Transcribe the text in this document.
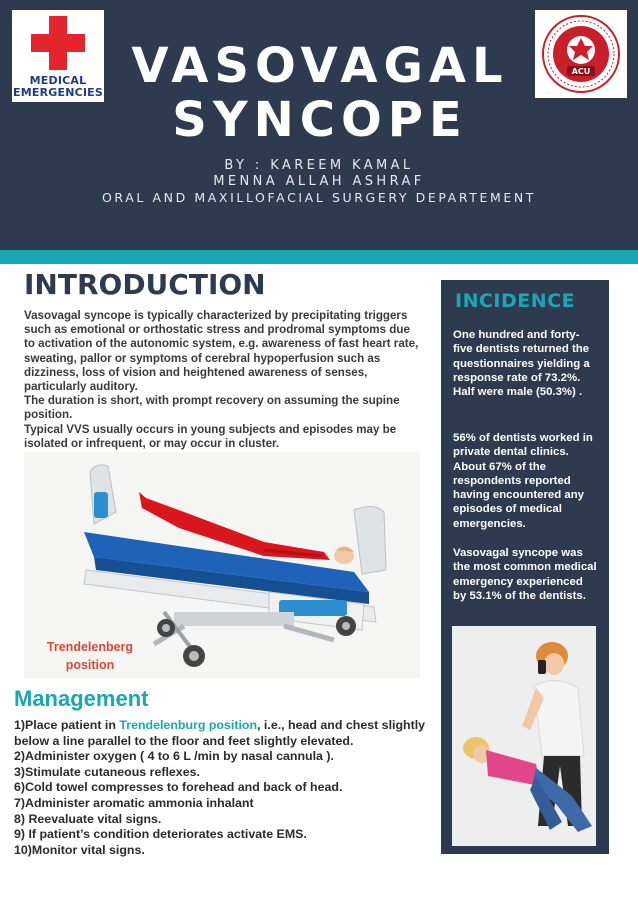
MEDICAL
EMERGENCIES
ACU
VASOVAGAL
SYNCOPE
BY : KAREEM KAMAL
MENNA ALLAH ASHRAF
ORAL AND MAXILLOFACIAL SURGERY DEPARTEMENT
INTRODUCTION

Vasovagal syncope is typically characterized by precipitating triggers such as emotional or orthostatic stress and prodromal symptoms due to activation of the autonomic system, e.g. awareness of fast heart rate, sweating, pallor or symptoms of cerebral hypoperfusion such as dizziness, loss of vision and heightened awareness of senses, particularly auditory.

The duration is short, with prompt recovery on assuming the supine position.

Typical VVS usually occurs in young subjects and episodes may be isolated or infrequent, or may occur in cluster.

Trendelenberg
position
Management
1)Place patient in Trendelenburg position, i.e., head and chest slightly below a line parallel to the floor and feet slightly elevated.
2)Administer oxygen ( 4 to 6 L /min by nasal cannula ).
3)Stimulate cutaneous reflexes.
6)Cold towel compresses to forehead and back of head.
7)Administer aromatic ammonia inhalant
8) Reevaluate vital signs.
9) If patient’s condition deteriorates activate EMS.
10)Monitor vital signs.
INCIDENCE

One hundred and forty-five dentists returned the questionnaires yielding a response rate of 73.2%. Half were male (50.3%) .

56% of dentists worked in private dental clinics. About 67% of the respondents reported having encountered any episodes of medical emergencies.

Vasovagal syncope was the most common medical emergency experienced by 53.1% of the dentists.
